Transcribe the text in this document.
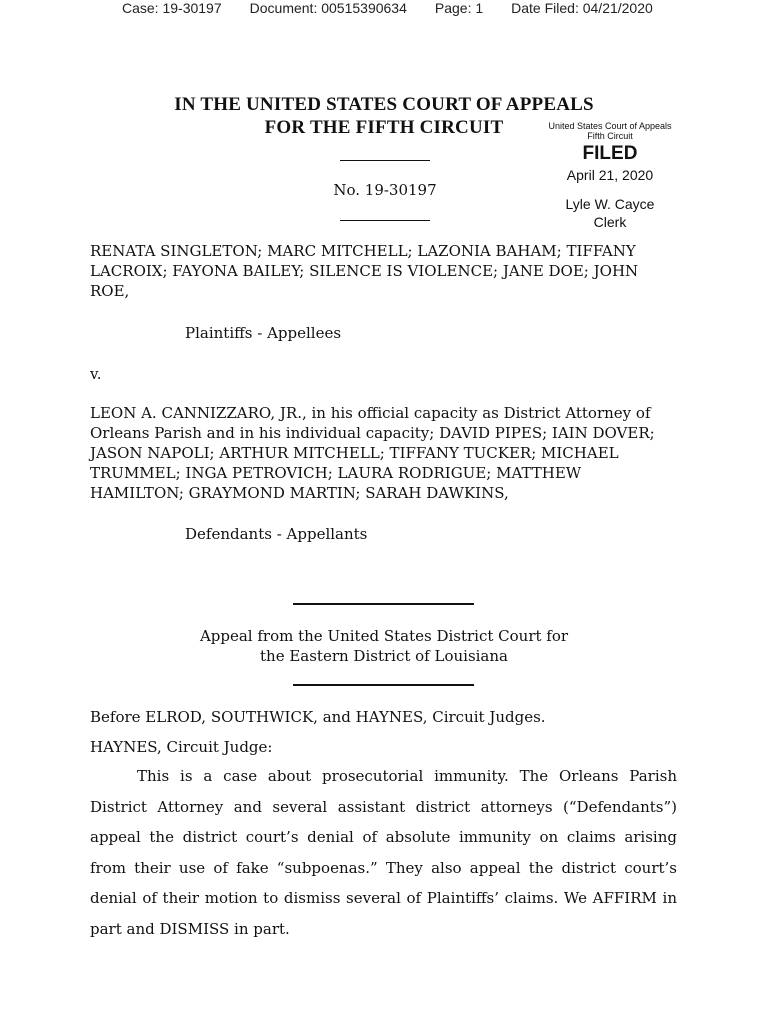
Case: 19-30197 Document: 00515390634 Page: 1 Date Filed: 04/21/2020
IN THE UNITED STATES COURT OF APPEALS
FOR THE FIFTH CIRCUIT	United States Court of Appeals
Fifth Circuit
FILED
April 21, 2020
Lyle W. Cayce
Clerk
No. 19-30197
RENATA SINGLETON; MARC MITCHELL; LAZONIA BAHAM; TIFFANY LACROIX; FAYONA BAILEY; SILENCE IS VIOLENCE; JANE DOE; JOHN ROE,
Plaintiffs - Appellees
v.
LEON A. CANNIZZARO, JR., in his official capacity as District Attorney of Orleans Parish and in his individual capacity; DAVID PIPES; IAIN DOVER; JASON NAPOLI; ARTHUR MITCHELL; TIFFANY TUCKER; MICHAEL TRUMMEL; INGA PETROVICH; LAURA RODRIGUE; MATTHEW HAMILTON; GRAYMOND MARTIN; SARAH DAWKINS,
Defendants - Appellants
Appeal from the United States District Court for
the Eastern District of Louisiana
Before ELROD, SOUTHWICK, and HAYNES, Circuit Judges.
HAYNES, Circuit Judge:
This is a case about prosecutorial immunity. The Orleans Parish District Attorney and several assistant district attorneys (“Defendants”) appeal the district court’s denial of absolute immunity on claims arising from their use of fake “subpoenas.” They also appeal the district court’s denial of their motion to dismiss several of Plaintiffs’ claims. We AFFIRM in part and DISMISS in part.
